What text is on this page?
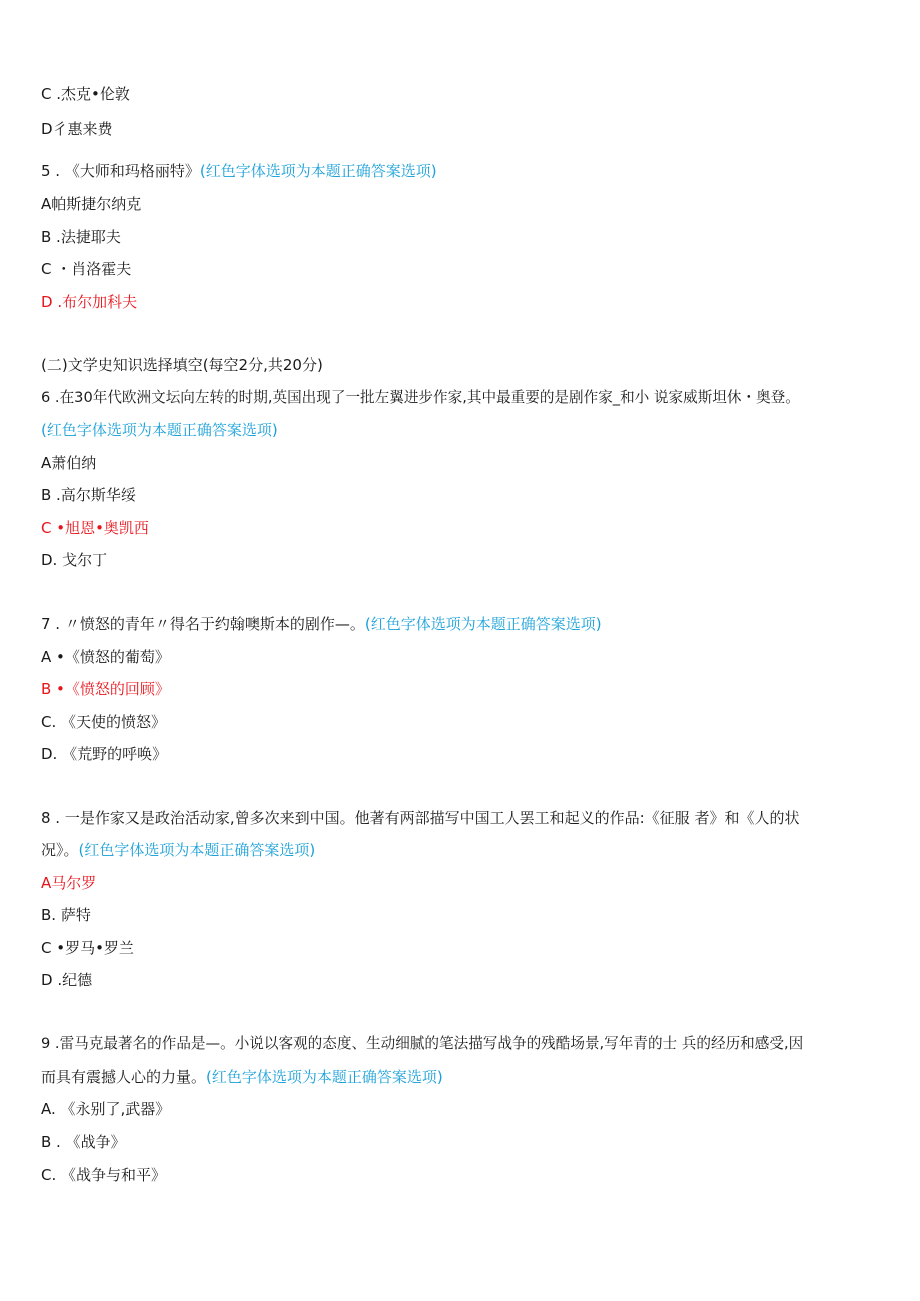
C .杰克•伦敦
D彳惠来费
5 . 《大师和玛格丽特》(红色字体选项为本题正确答案选项)
A帕斯捷尔纳克
B .法捷耶夫
C ・肖洛霍夫
D .布尔加科夫
(二)文学史知识选择填空(每空2分,共20分)
6 .在30年代欧洲文坛向左转的时期,英国出现了一批左翼进步作家,其中最重要的是剧作家_和小 说家威斯坦休・奥登。
(红色字体选项为本题正确答案选项)
A萧伯纳
B .高尔斯华绥
C •旭恩•奥凯西
D. 戈尔丁
7 . 〃愤怒的青年〃得名于约翰噢斯本的剧作—。(红色字体选项为本题正确答案选项)
A •《愤怒的葡萄》
B •《愤怒的回顾》
C. 《天使的愤怒》
D. 《荒野的呼唤》
8 . 一是作家又是政治活动家,曾多次来到中国。他著有两部描写中国工人罢工和起义的作品:《征服 者》和《人的状
况》。(红色字体选项为本题正确答案选项)
A马尔罗
B. 萨特
C •罗马•罗兰
D .纪德
9 .雷马克最著名的作品是—。小说以客观的态度、生动细腻的笔法描写战争的残酷场景,写年青的士 兵的经历和感受,因
而具有震撼人心的力量。(红色字体选项为本题正确答案选项)
A. 《永别了,武器》
B . 《战争》
C. 《战争与和平》
